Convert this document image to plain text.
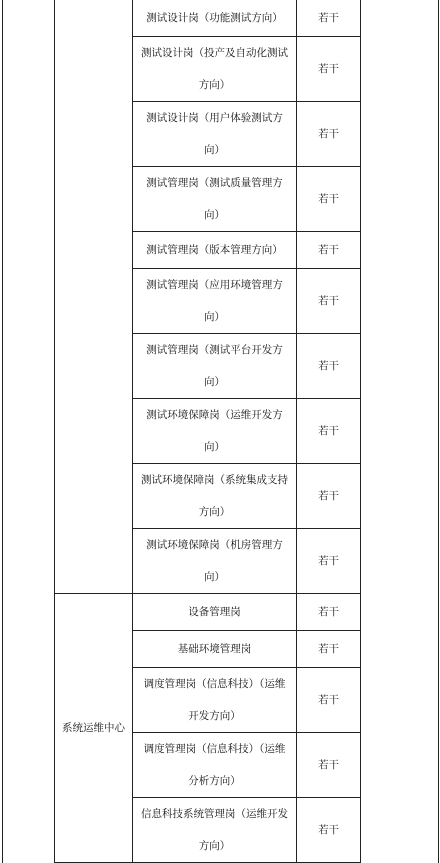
		测试设计岗（功能测试方向）	若干	
		测试设计岗（投产及自动化测试方向）	若干	
		测试设计岗（用户体验测试方向）	若干	
		测试管理岗（测试质量管理方向）	若干	
		测试管理岗（版本管理方向）	若干	
		测试管理岗（应用环境管理方向）	若干	
		测试管理岗（测试平台开发方向）	若干	
		测试环境保障岗（运维开发方向）	若干	
		测试环境保障岗（系统集成支持方向）	若干	
		测试环境保障岗（机房管理方向）	若干	
	系统运维中心	设备管理岗	若干	
		基础环境管理岗	若干	
		调度管理岗（信息科技）（运维开发方向）	若干	
		调度管理岗（信息科技）（运维分析方向）	若干	
		信息科技系统管理岗（运维开发方向）	若干	
